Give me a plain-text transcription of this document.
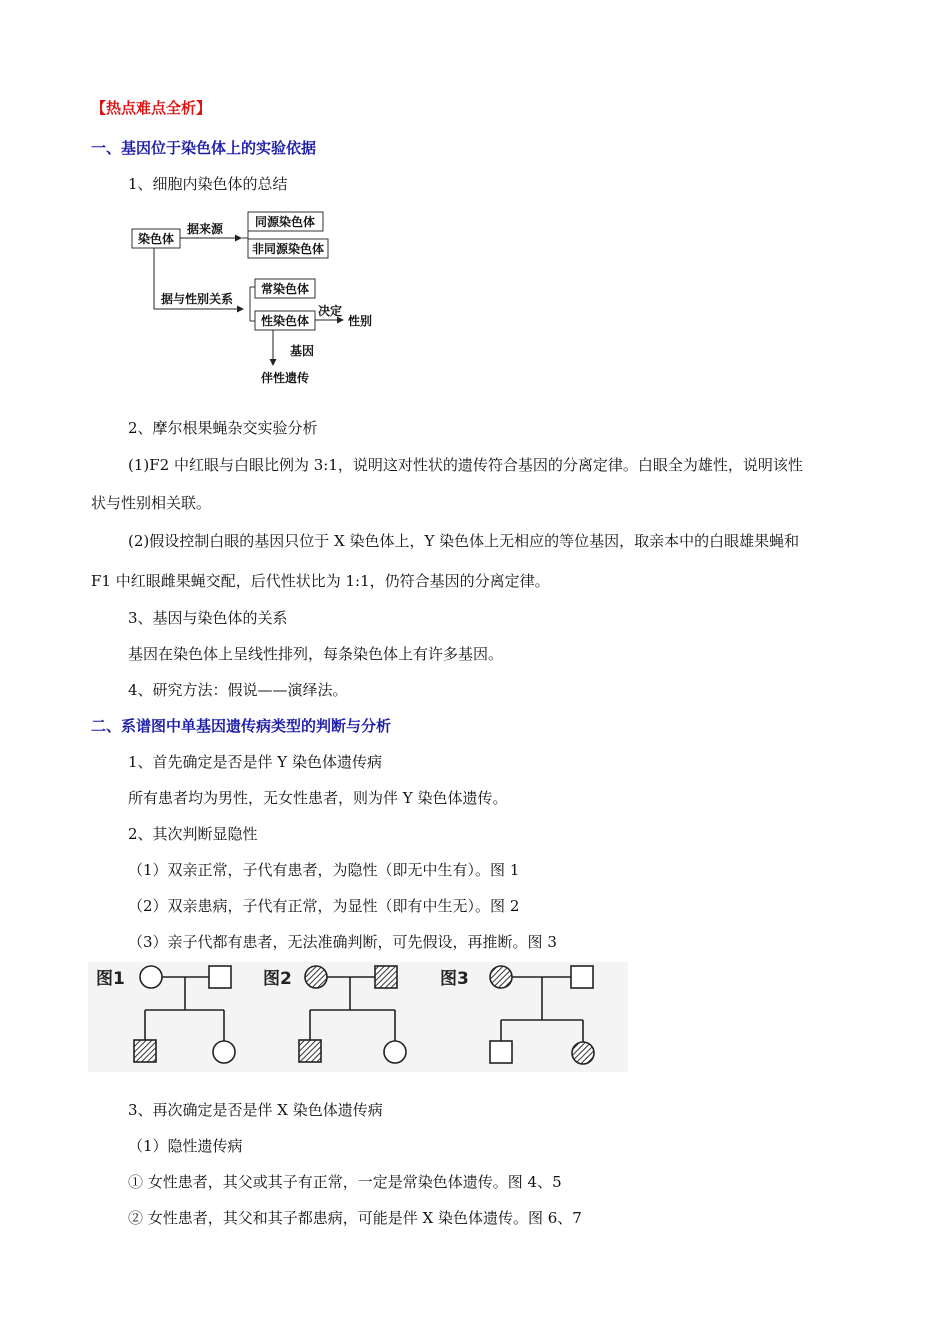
【热点难点全析】
一、基因位于染色体上的实验依据
1、细胞内染色体的总结
染色体
据来源	同源染色体
非同源染色体
据与性别关系
常染色体
性染色体
决定
性别
基因
伴性遗传
2、摩尔根果蝇杂交实验分析
(1)F2 中红眼与白眼比例为 3:1，说明这对性状的遗传符合基因的分离定律。白眼全为雄性，说明该性
状与性别相关联。
(2)假设控制白眼的基因只位于 X 染色体上，Y 染色体上无相应的等位基因，取亲本中的白眼雄果蝇和
F1 中红眼雌果蝇交配，后代性状比为 1:1，仍符合基因的分离定律。
3、基因与染色体的关系
基因在染色体上呈线性排列，每条染色体上有许多基因。
4、研究方法：假说——演绎法。
二、系谱图中单基因遗传病类型的判断与分析
1、首先确定是否是伴 Y 染色体遗传病
所有患者均为男性，无女性患者，则为伴 Y 染色体遗传。
2、其次判断显隐性
（1）双亲正常，子代有患者，为隐性（即无中生有）。图 1
（2）双亲患病，子代有正常，为显性（即有中生无）。图 2
（3）亲子代都有患者，无法准确判断，可先假设，再推断。图 3
图1	图2	图3
3、再次确定是否是伴 X 染色体遗传病
（1）隐性遗传病
① 女性患者，其父或其子有正常，一定是常染色体遗传。图 4、5
② 女性患者，其父和其子都患病，可能是伴 X 染色体遗传。图 6、7
